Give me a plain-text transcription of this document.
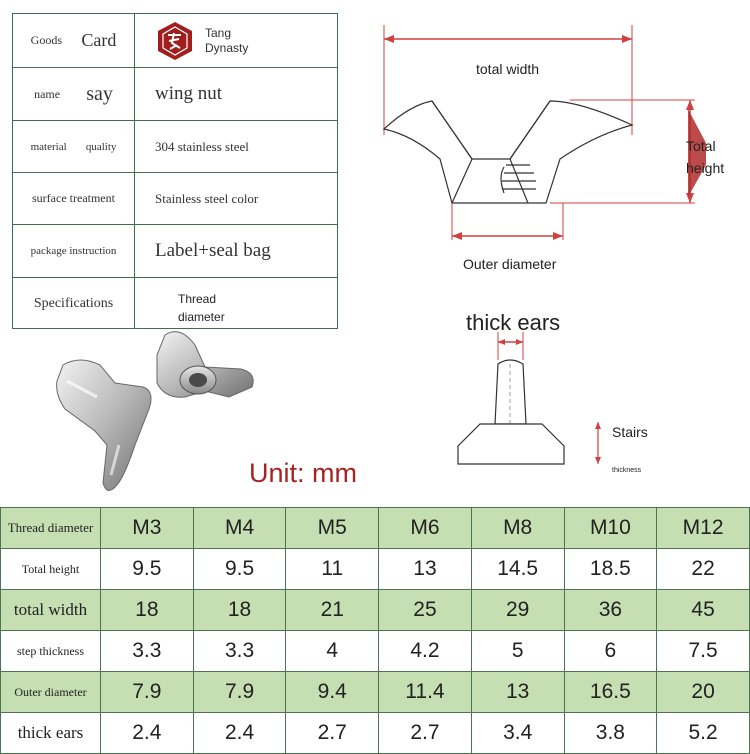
Goods Card	Tang
Dynasty
name say	wing nut
material quality	304 stainless steel
surface treatment	Stainless steel color
package instruction	Label+seal bag
Specifications	Thread
diameter
total width
Total
height
Outer diameter
thick ears
Stairs
thickness
Unit: mm
Thread diameter	M3	M4	M5	M6	M8	M10	M12
Total height	9.5	9.5	11	13	14.5	18.5	22
total width	18	18	21	25	29	36	45
step thickness	3.3	3.3	4	4.2	5	6	7.5
Outer diameter	7.9	7.9	9.4	11.4	13	16.5	20
thick ears	2.4	2.4	2.7	2.7	3.4	3.8	5.2
